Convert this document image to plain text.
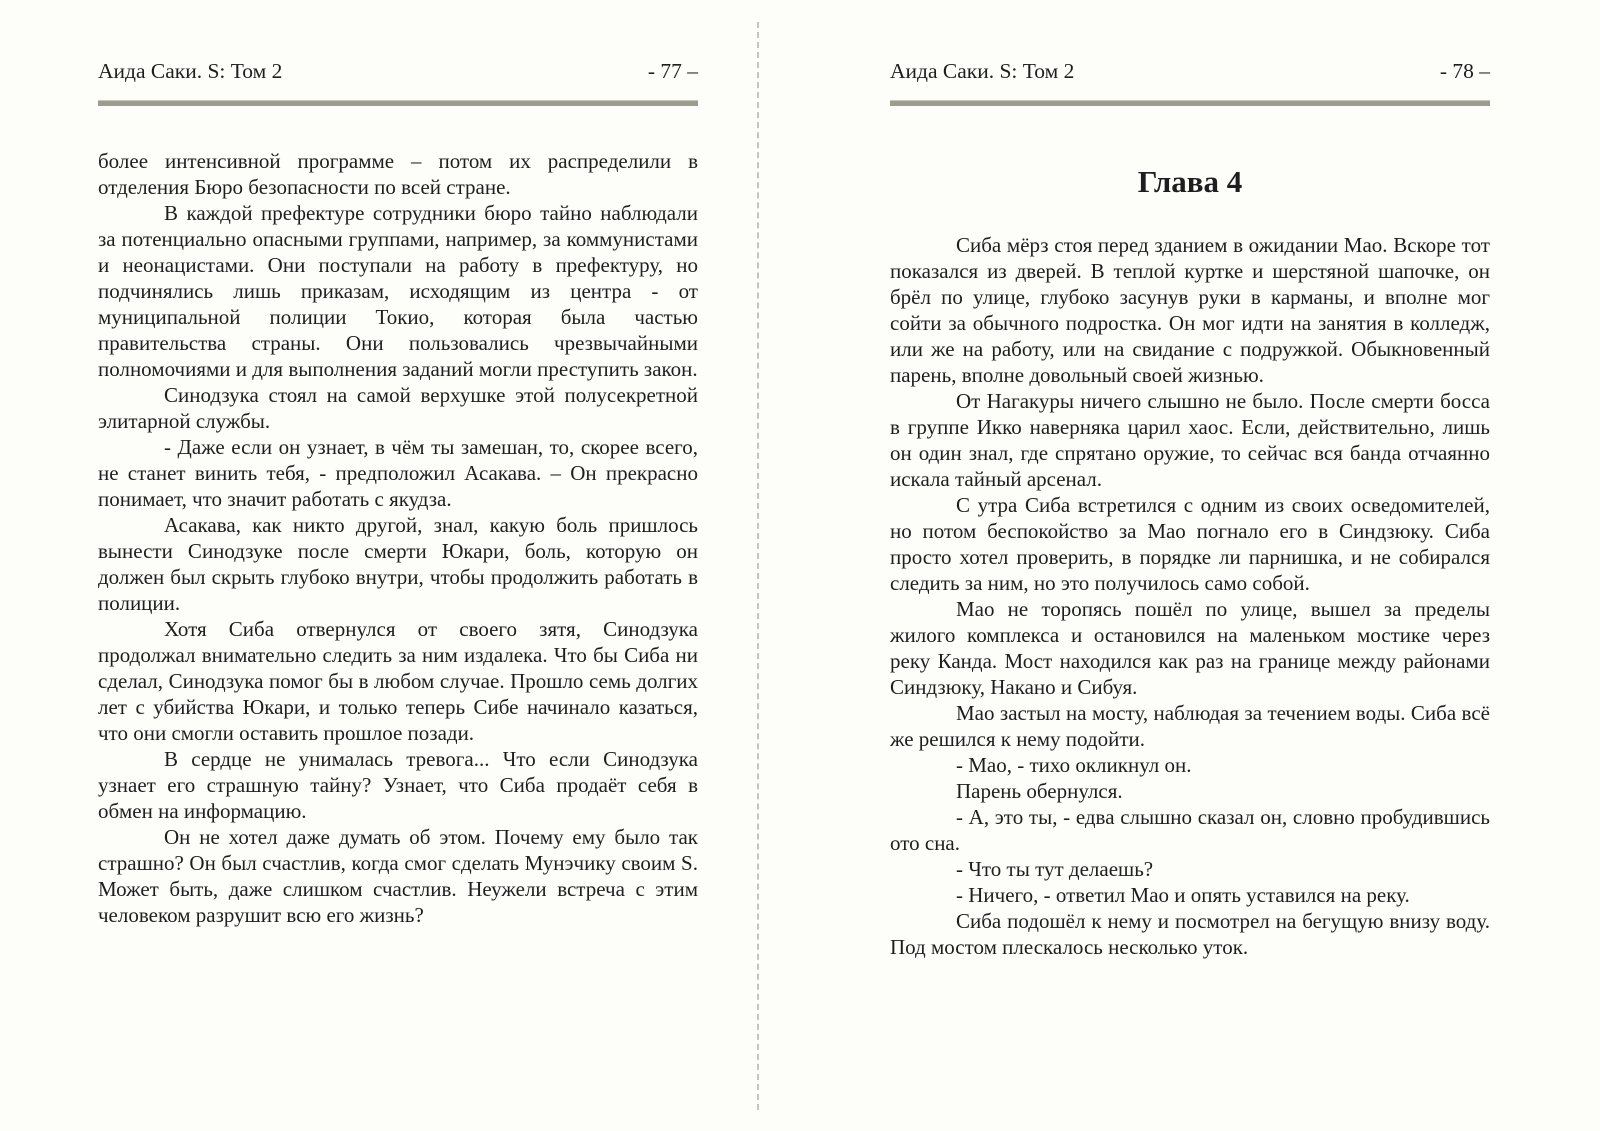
Аида Саки. S: Том 2	- 77 –

более интенсивной программе – потом их распределили в отделения Бюро безопасности по всей стране.

В каждой префектуре сотрудники бюро тайно наблюдали за потенциально опасными группами, например, за коммунистами и неонацистами. Они поступали на работу в префектуру, но подчинялись лишь приказам, исходящим из центра - от муниципальной полиции Токио, которая была частью правительства страны. Они пользовались чрезвычайными полномочиями и для выполнения заданий могли преступить закон.

Синодзука стоял на самой верхушке этой полусекретной элитарной службы.

- Даже если он узнает, в чём ты замешан, то, скорее всего, не станет винить тебя, - предположил Асакава. – Он прекрасно понимает, что значит работать с якудза.

Асакава, как никто другой, знал, какую боль пришлось вынести Синодзуке после смерти Юкари, боль, которую он должен был скрыть глубоко внутри, чтобы продолжить работать в полиции.

Хотя Сиба отвернулся от своего зятя, Синодзука продолжал внимательно следить за ним издалека. Что бы Сиба ни сделал, Синодзука помог бы в любом случае. Прошло семь долгих лет с убийства Юкари, и только теперь Сибе начинало казаться, что они смогли оставить прошлое позади.

В сердце не унималась тревога... Что если Синодзука узнает его страшную тайну? Узнает, что Сиба продаёт себя в обмен на информацию.

Он не хотел даже думать об этом. Почему ему было так страшно? Он был счастлив, когда смог сделать Мунэчику своим S. Может быть, даже слишком счастлив. Неужели встреча с этим человеком разрушит всю его жизнь?

Аида Саки. S: Том 2	- 78 –
Глава 4

Сиба мёрз стоя перед зданием в ожидании Мао. Вскоре тот показался из дверей. В теплой куртке и шерстяной шапочке, он брёл по улице, глубоко засунув руки в карманы, и вполне мог сойти за обычного подростка. Он мог идти на занятия в колледж, или же на работу, или на свидание с подружкой. Обыкновенный парень, вполне довольный своей жизнью.

От Нагакуры ничего слышно не было. После смерти босса в группе Икко наверняка царил хаос. Если, действительно, лишь он один знал, где спрятано оружие, то сейчас вся банда отчаянно искала тайный арсенал.

С утра Сиба встретился с одним из своих осведомителей, но потом беспокойство за Мао погнало его в Синдзюку. Сиба просто хотел проверить, в порядке ли парнишка, и не собирался следить за ним, но это получилось само собой.

Мао не торопясь пошёл по улице, вышел за пределы жилого комплекса и остановился на маленьком мостике через реку Канда. Мост находился как раз на границе между районами Синдзюку, Накано и Сибуя.

Мао застыл на мосту, наблюдая за течением воды. Сиба всё же решился к нему подойти.

- Мао, - тихо окликнул он.

Парень обернулся.

- А, это ты, - едва слышно сказал он, словно пробудившись ото сна.

- Что ты тут делаешь?

- Ничего, - ответил Мао и опять уставился на реку.

Сиба подошёл к нему и посмотрел на бегущую внизу воду. Под мостом плескалось несколько уток.
